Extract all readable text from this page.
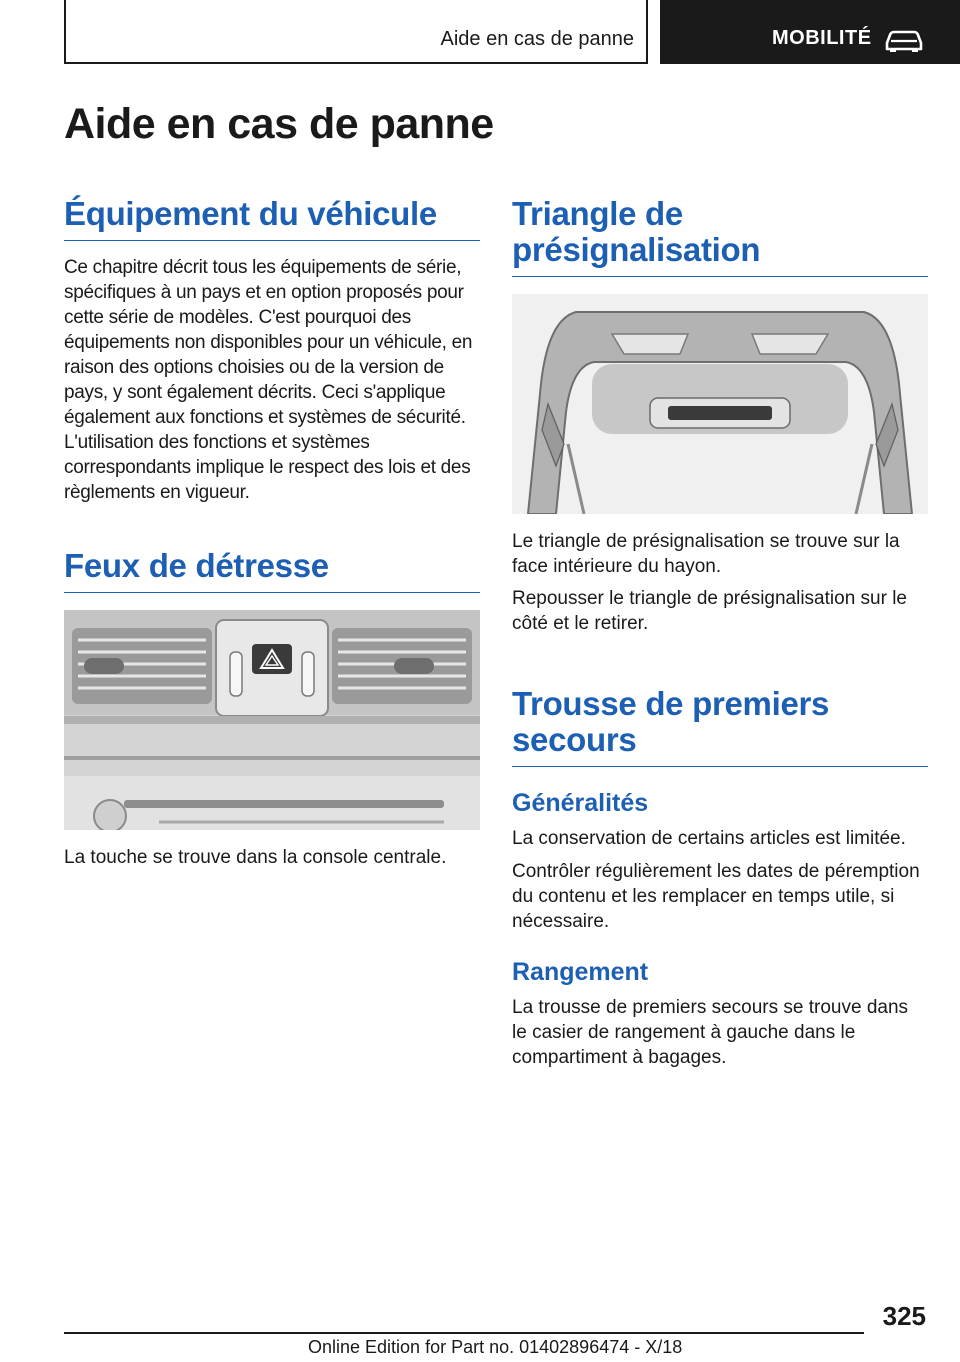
Aide en cas de panne	MOBILITÉ
Aide en cas de panne
Équipement du véhicule

Ce chapitre décrit tous les équipements de série, spécifiques à un pays et en option proposés pour cette série de modèles. C'est pourquoi des équipements non disponibles pour un véhicule, en raison des options choisies ou de la version de pays, y sont également décrits. Ceci s'applique également aux fonctions et systèmes de sécurité. L'utilisation des fonctions et systèmes correspondants implique le respect des lois et des règlements en vigueur.

Feux de détresse

La touche se trouve dans la console centrale.

Triangle de présignalisation

Le triangle de présignalisation se trouve sur la face intérieure du hayon.

Repousser le triangle de présignalisation sur le côté et le retirer.

Trousse de premiers secours
Généralités

La conservation de certains articles est limitée.

Contrôler régulièrement les dates de péremption du contenu et les remplacer en temps utile, si nécessaire.

Rangement

La trousse de premiers secours se trouve dans le casier de rangement à gauche dans le compartiment à bagages.

325
Online Edition for Part no. 01402896474 - X/18
